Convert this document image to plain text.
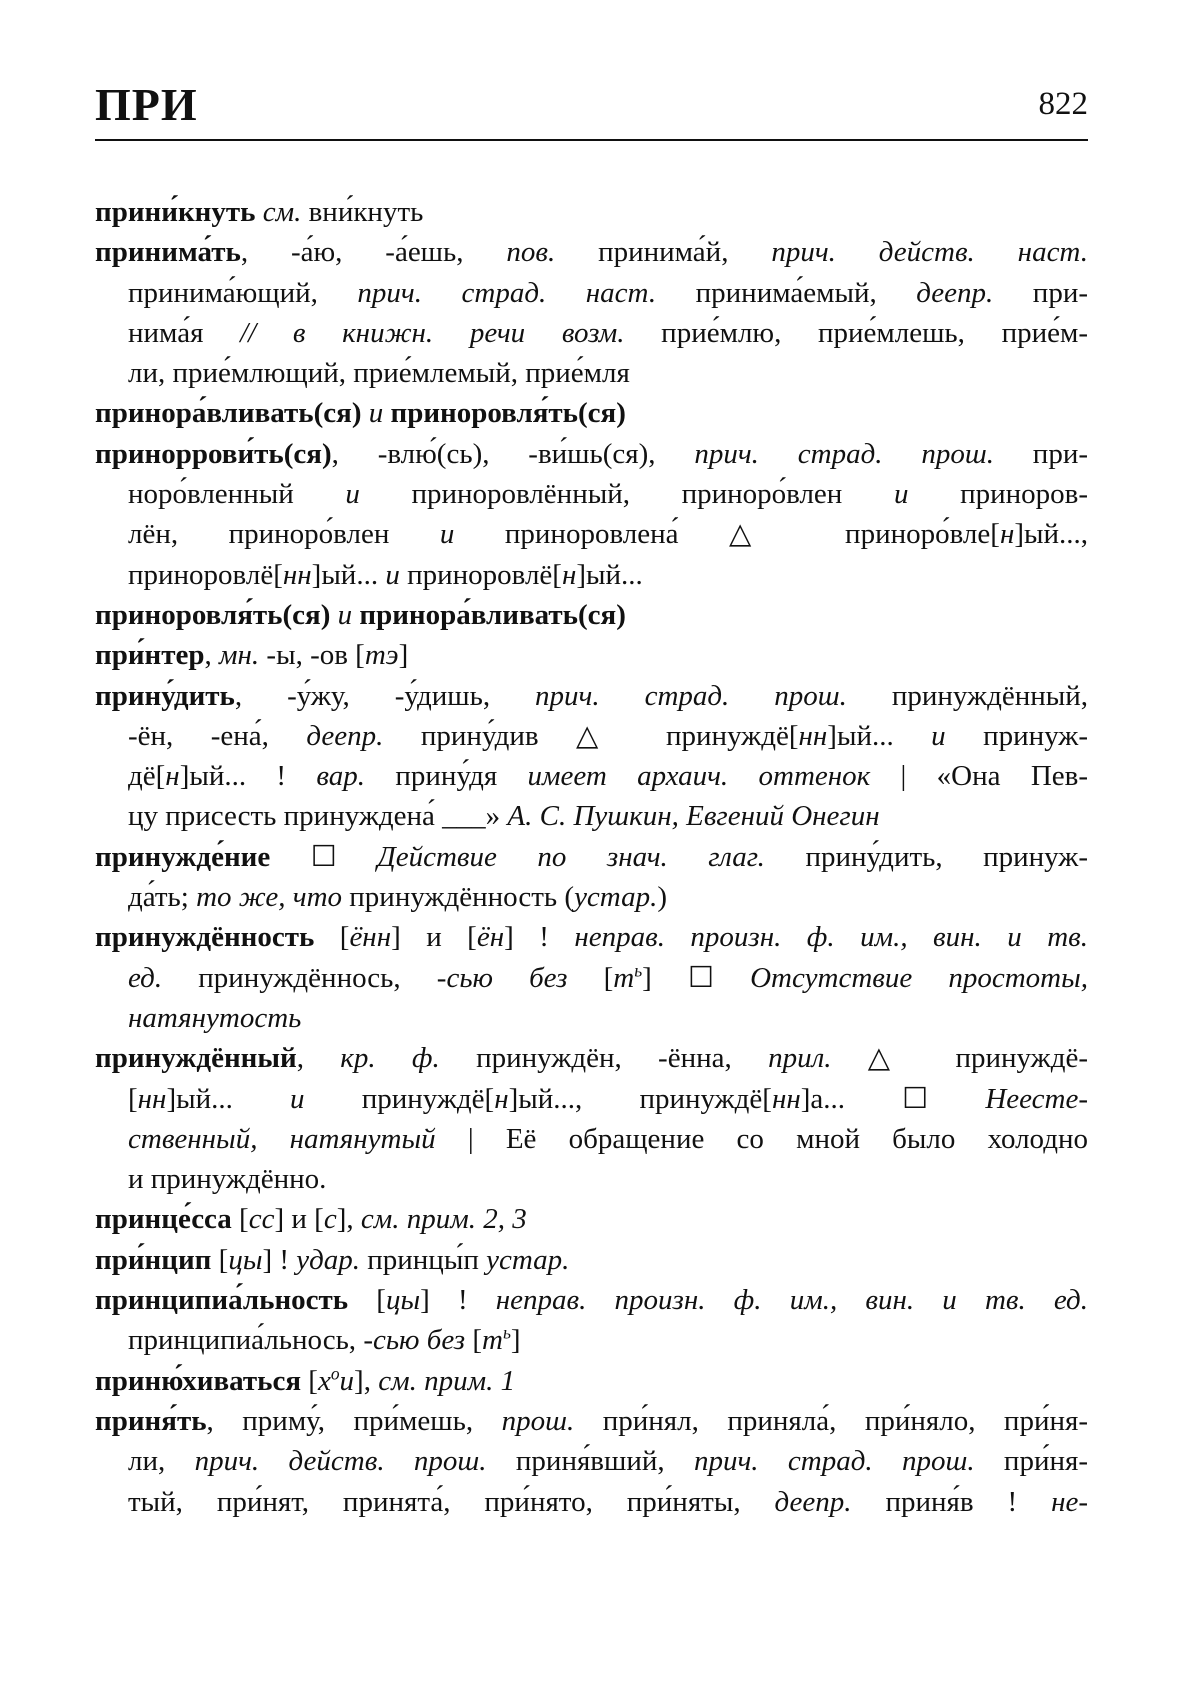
ПРИ	822
прини́кнуть см. вни́кнуть
принима́ть, -а́ю, -а́ешь, пов. принима́й, прич. действ. наст.
принима́ющий, прич. страд. наст. принима́емый, деепр. при-
нима́я // в книжн. речи возм. прие́млю, прие́млешь, прие́м-
ли, прие́млющий, прие́млемый, прие́мля
принора́вливать(ся) и приноровля́ть(ся)
приноррови́ть(ся), -влю́(сь), -ви́шь(ся), прич. страд. прош. при-
норо́вленный и приноровлённый, приноро́влен и приноров-
лён, приноро́влен и приноровлена́ △ приноро́вле[н]ый...,
приноровлё[нн]ый... и приноровлё[н]ый...
приноровля́ть(ся) и принора́вливать(ся)
при́нтер, мн. -ы, -ов [тэ]
прину́дить, -у́жу, -у́дишь, прич. страд. прош. принуждённый,
-ён, -ена́, деепр. прину́див △ принуждё[нн]ый... и принуж-
дё[н]ый... ! вар. прину́дя имеет архаич. оттенок | «Она Пев-
цу присесть принуждена́ ___» А. С. Пушкин, Евгений Онегин
принужде́ние ☐ Действие по знач. глаг. прину́дить, принуж-
да́ть; то же, что принуждённость (устар.)
принуждённость [ённ] и [ён] ! неправ. произн. ф. им., вин. и тв.
ед. принуждённось, -сью без $[т^ь]$ ☐ Отсутствие простоты,
натянутость
принуждённый, кр. ф. принуждён, -ённа, прил. △ принуждё-
[нн]ый... и принуждё[н]ый..., принуждё[нн]а... ☐ Неесте-
ственный, натянутый | Её обращение со мной было холодно
и принуждённо.
принце́сса [сс] и [с], см. прим. 2, 3
при́нцип [цы] ! удар. принцы́п устар.
принципиа́льность [цы] ! неправ. произн. ф. им., вин. и тв. ед.
принципиа́льнось, -сью без $[т^ь]$
приню́хиваться $[х^ои]$, см. прим. 1
приня́ть, приму́, при́мешь, прош. при́нял, приняла́, при́няло, при́ня-
ли, прич. действ. прош. приня́вший, прич. страд. прош. при́ня-
тый, при́нят, принята́, при́нято, при́няты, деепр. приня́в ! не-
